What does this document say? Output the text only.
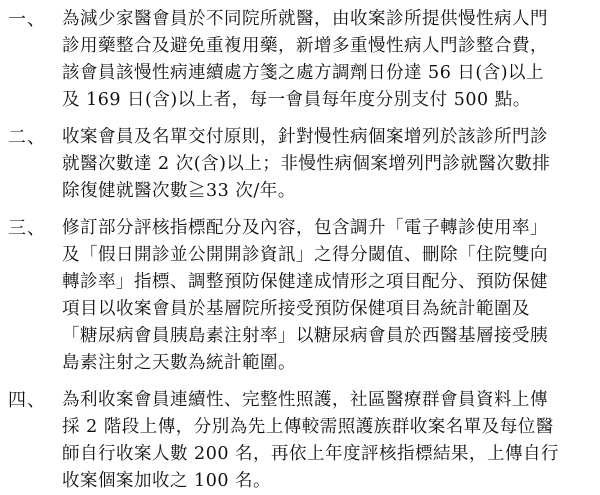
一、 為減少家醫會員於不同院所就醫，由收案診所提供慢性病人門
診用藥整合及避免重複用藥，新增多重慢性病人門診整合費，
該會員該慢性病連續處方箋之處方調劑日份達 56 日(含)以上
及 169 日(含)以上者，每一會員每年度分別支付 500 點。
二、 收案會員及名單交付原則，針對慢性病個案增列於該診所門診
就醫次數達 2 次(含)以上；非慢性病個案增列門診就醫次數排
除復健就醫次數≧33 次/年。
三、 修訂部分評核指標配分及內容，包含調升「電子轉診使用率」
及「假日開診並公開開診資訊」之得分閾值、刪除「住院雙向
轉診率」指標、調整預防保健達成情形之項目配分、預防保健
項目以收案會員於基層院所接受預防保健項目為統計範圍及
「糖尿病會員胰島素注射率」以糖尿病會員於西醫基層接受胰
島素注射之天數為統計範圍。
四、 為利收案會員連續性、完整性照護，社區醫療群會員資料上傳
採 2 階段上傳，分別為先上傳較需照護族群收案名單及每位醫
師自行收案人數 200 名，再依上年度評核指標結果，上傳自行
收案個案加收之 100 名。
